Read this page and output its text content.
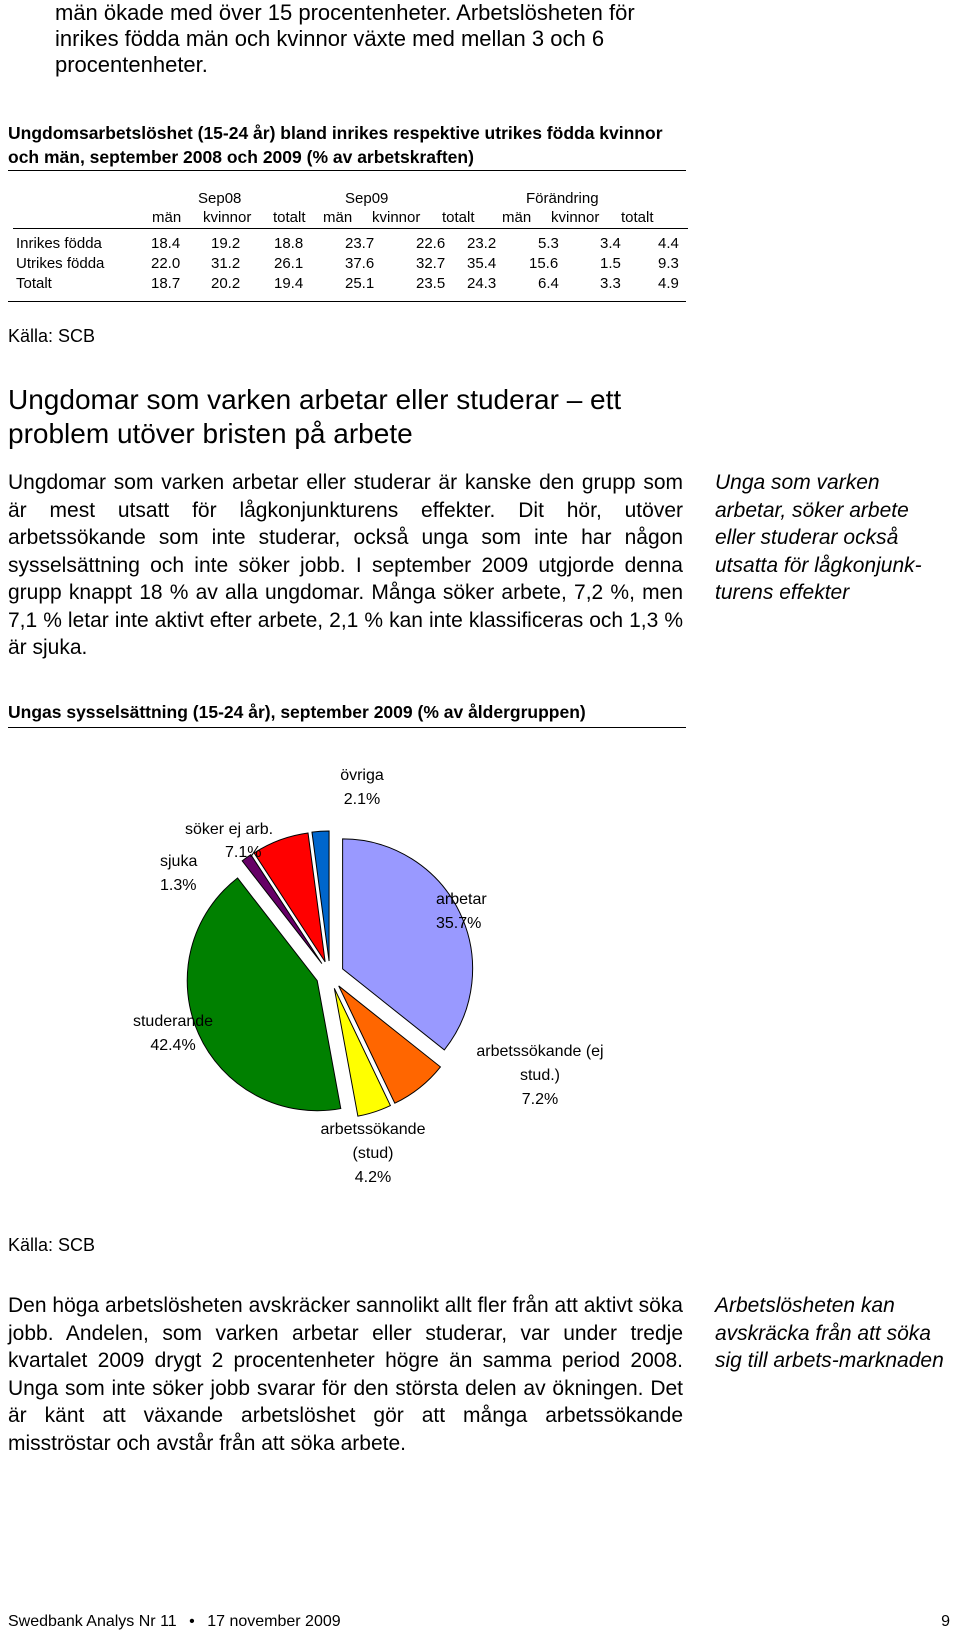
män ökade med över 15 procentenheter. Arbetslösheten för inrikes födda män och kvinnor växte med mellan 3 och 6 procentenheter.
Ungdomsarbetslöshet (15-24 år) bland inrikes respektive utrikes födda kvinnor och män, september 2008 och 2009 (% av arbetskraften)
Sep08	Sep09	Förändring
män kvinnor totalt män kvinnor totalt män kvinnor totalt
Inrikes födda	18.4 19.2 18.8	23.7	22.6 23.2	5.3	3.4 4.4
Utrikes födda	22.0 31.2 26.1	37.6	32.7 35.4 15.6	1.5 9.3
Totalt	18.7 20.2 19.4	25.1	23.5 24.3	6.4	3.3 4.9
Källa: SCB
Ungdomar som varken arbetar eller studerar – ett problem utöver bristen på arbete
Ungdomar som varken arbetar eller studerar är kanske den grupp som är mest utsatt för lågkonjunkturens effekter. Dit hör, utöver arbetssökande som inte studerar, också unga som inte har någon sysselsättning och inte söker jobb. I september 2009 utgjorde denna grupp knappt 18 % av alla ungdomar. Många söker arbete, 7,2 %, men 7,1 % letar inte aktivt efter arbete, 2,1 % kan inte klassificeras och 1,3 % är sjuka.
Unga som varken arbetar, söker arbete eller studerar också utsatta för lågkonjunk-turens effekter
Ungas sysselsättning (15-24 år), september 2009 (% av åldergruppen)
övriga
2.1%
söker ej arb.
7.1%
sjuka
1.3%
arbetar
35.7%
studerande
42.4%	arbetssökande (ej stud.)
7.2%
arbetssökande (stud)
4.2%
Källa: SCB
Den höga arbetslösheten avskräcker sannolikt allt fler från att aktivt söka jobb. Andelen, som varken arbetar eller studerar, var under tredje kvartalet 2009 drygt 2 procentenheter högre än samma period 2008. Unga som inte söker jobb svarar för den största delen av ökningen. Det är känt att växande arbetslöshet gör att många arbetssökande misströstar och avstår från att söka arbete.
Arbetslösheten kan avskräcka från att söka sig till arbets-marknaden
Swedbank Analys Nr 11 • 17 november 2009	9
